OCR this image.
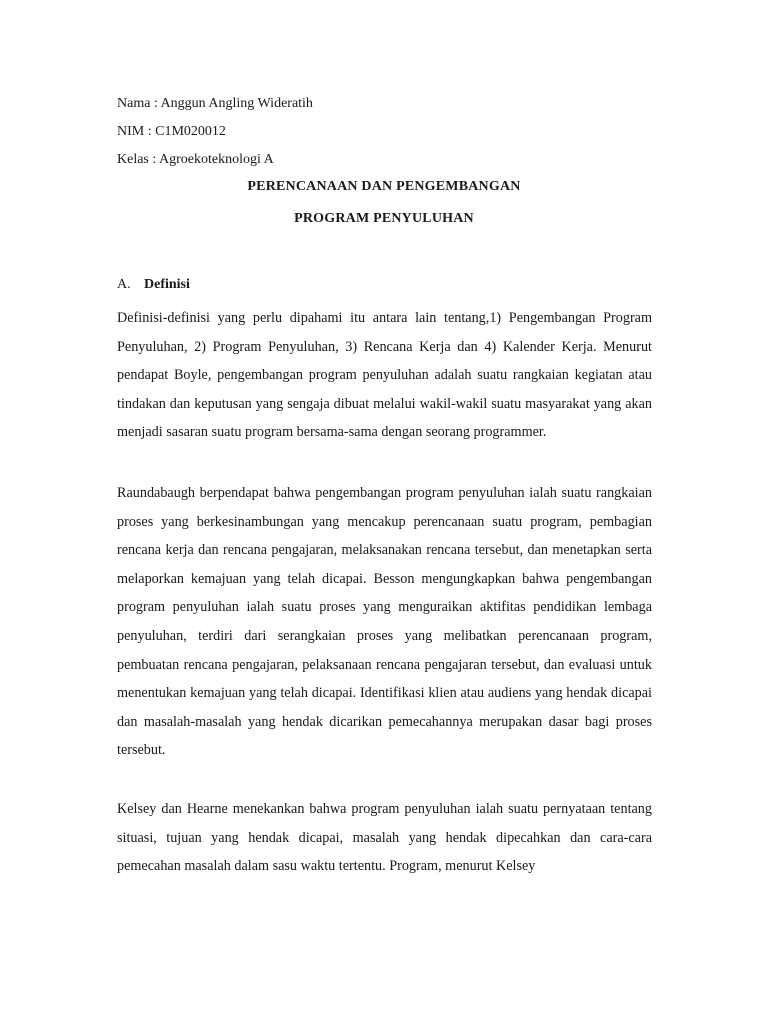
Nama : Anggun Angling Wideratih

NIM : C1M020012

Kelas : Agroekoteknologi A

PERENCANAAN DAN PENGEMBANGAN

PROGRAM PENYULUHAN

A. Definisi

Definisi-definisi yang perlu dipahami itu antara lain tentang,1) Pengembangan Program Penyuluhan, 2) Program Penyuluhan, 3) Rencana Kerja dan 4) Kalender Kerja. Menurut pendapat Boyle, pengembangan program penyuluhan adalah suatu rangkaian kegiatan atau tindakan dan keputusan yang sengaja dibuat melalui wakil-wakil suatu masyarakat yang akan menjadi sasaran suatu program bersama-sama dengan seorang programmer.

Raundabaugh berpendapat bahwa pengembangan program penyuluhan ialah suatu rangkaian proses yang berkesinambungan yang mencakup perencanaan suatu program, pembagian rencana kerja dan rencana pengajaran, melaksanakan rencana tersebut, dan menetapkan serta melaporkan kemajuan yang telah dicapai. Besson mengungkapkan bahwa pengembangan program penyuluhan ialah suatu proses yang menguraikan aktifitas pendidikan lembaga penyuluhan, terdiri dari serangkaian proses yang melibatkan perencanaan program, pembuatan rencana pengajaran, pelaksanaan rencana pengajaran tersebut, dan evaluasi untuk menentukan kemajuan yang telah dicapai. Identifikasi klien atau audiens yang hendak dicapai dan masalah-masalah yang hendak dicarikan pemecahannya merupakan dasar bagi proses tersebut.

Kelsey dan Hearne menekankan bahwa program penyuluhan ialah suatu pernyataan tentang situasi, tujuan yang hendak dicapai, masalah yang hendak dipecahkan dan cara-cara pemecahan masalah dalam sasu waktu tertentu. Program, menurut Kelsey
